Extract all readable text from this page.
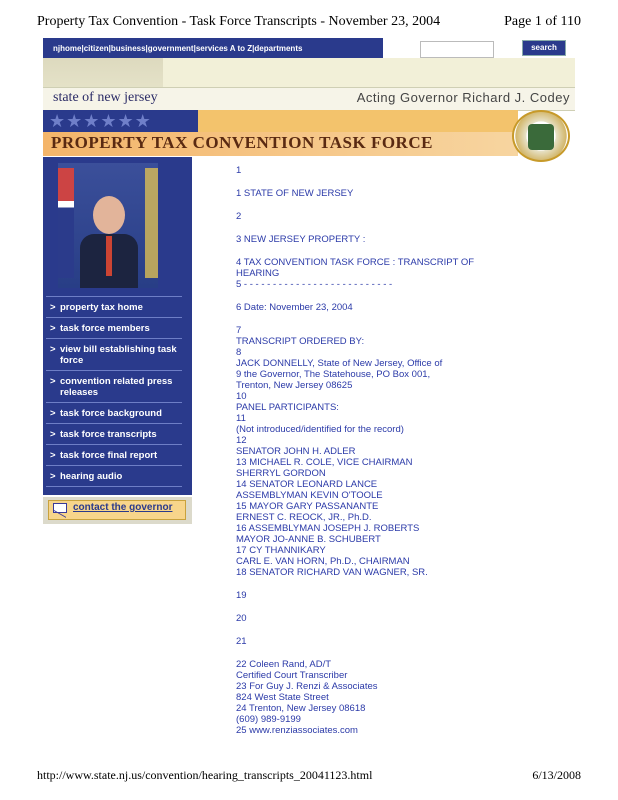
Property Tax Convention - Task Force Transcripts - November 23, 2004	Page 1 of 110
njhome | citizen | business | government | services A to Z | departments	search
state of new jersey	Acting Governor Richard J. Codey
★★★★★★
PROPERTY TAX CONVENTION TASK FORCE
> property tax home
> task force members
> view bill establishing task force
> convention related press releases
> task force background
> task force transcripts
> task force final report
> hearing audio
contact the governor
1
1 STATE OF NEW JERSEY
2
3 NEW JERSEY PROPERTY :
4 TAX CONVENTION TASK FORCE : TRANSCRIPT OF
HEARING
5 - - - - - - - - - - - - - - - - - - - - - - - - - -
6 Date: November 23, 2004
7
TRANSCRIPT ORDERED BY:
8
JACK DONNELLY, State of New Jersey, Office of
9 the Governor, The Statehouse, PO Box 001,
Trenton, New Jersey 08625
10
PANEL PARTICIPANTS:
11
(Not introduced/identified for the record)
12
SENATOR JOHN H. ADLER
13 MICHAEL R. COLE, VICE CHAIRMAN
SHERRYL GORDON
14 SENATOR LEONARD LANCE
ASSEMBLYMAN KEVIN O'TOOLE
15 MAYOR GARY PASSANANTE
ERNEST C. REOCK, JR., Ph.D.
16 ASSEMBLYMAN JOSEPH J. ROBERTS
MAYOR JO-ANNE B. SCHUBERT
17 CY THANNIKARY
CARL E. VAN HORN, Ph.D., CHAIRMAN
18 SENATOR RICHARD VAN WAGNER, SR.
19
20
21
22 Coleen Rand, AD/T
Certified Court Transcriber
23 For Guy J. Renzi & Associates
824 West State Street
24 Trenton, New Jersey 08618
(609) 989-9199
25 www.renziassociates.com
http://www.state.nj.us/convention/hearing_transcripts_20041123.html	6/13/2008
